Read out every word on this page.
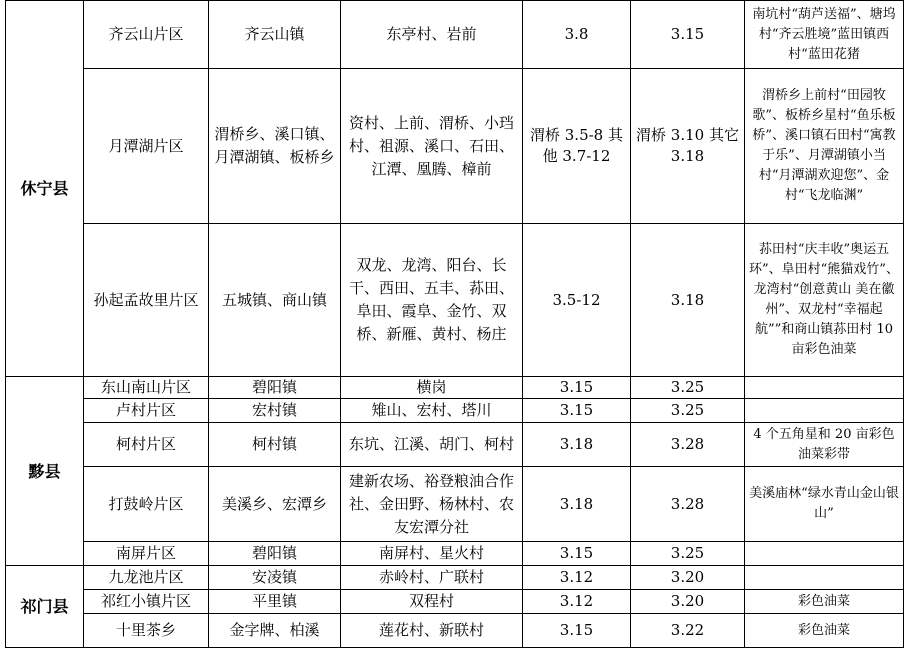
休宁县	齐云山片区	齐云山镇	东亭村、岩前	3.8	3.15	南坑村“葫芦送福”、塘坞村“齐云胜境”蓝田镇西村“蓝田花猪
	月潭湖片区	渭桥乡、溪口镇、月潭湖镇、板桥乡	资村、上前、渭桥、小珰村、祖源、溪口、石田、江潭、凰腾、樟前	渭桥 3.5-8 其他 3.7-12	渭桥 3.10 其它 3.18	渭桥乡上前村“田园牧歌”、板桥乡星村“鱼乐板桥”、溪口镇石田村“寓教于乐”、月潭湖镇小当村“月潭湖欢迎您”、金村“飞龙临渊”
	孙起孟故里片区	五城镇、商山镇	双龙、龙湾、阳台、长干、西田、五丰、荪田、阜田、霞阜、金竹、双桥、新雁、黄村、杨庄	3.5-12	3.18	荪田村“庆丰收”奥运五环”、阜田村“熊猫戏竹”、龙湾村“创意黄山 美在徽州”、双龙村“幸福起航””和商山镇荪田村 10 亩彩色油菜
黟县	东山南山片区	碧阳镇	横岗	3.15	3.25	
	卢村片区	宏村镇	雉山、宏村、塔川	3.15	3.25	
	柯村片区	柯村镇	东坑、江溪、胡门、柯村	3.18	3.28	4 个五角星和 20 亩彩色油菜彩带
	打鼓岭片区	美溪乡、宏潭乡	建新农场、裕登粮油合作社、金田野、杨林村、农友宏潭分社	3.18	3.28	美溪庙林“绿水青山金山银山”
	南屏片区	碧阳镇	南屏村、星火村	3.15	3.25	
祁门县	九龙池片区	安凌镇	赤岭村、广联村	3.12	3.20	
	祁红小镇片区	平里镇	双程村	3.12	3.20	彩色油菜
	十里茶乡	金字牌、柏溪	莲花村、新联村	3.15	3.22	彩色油菜
